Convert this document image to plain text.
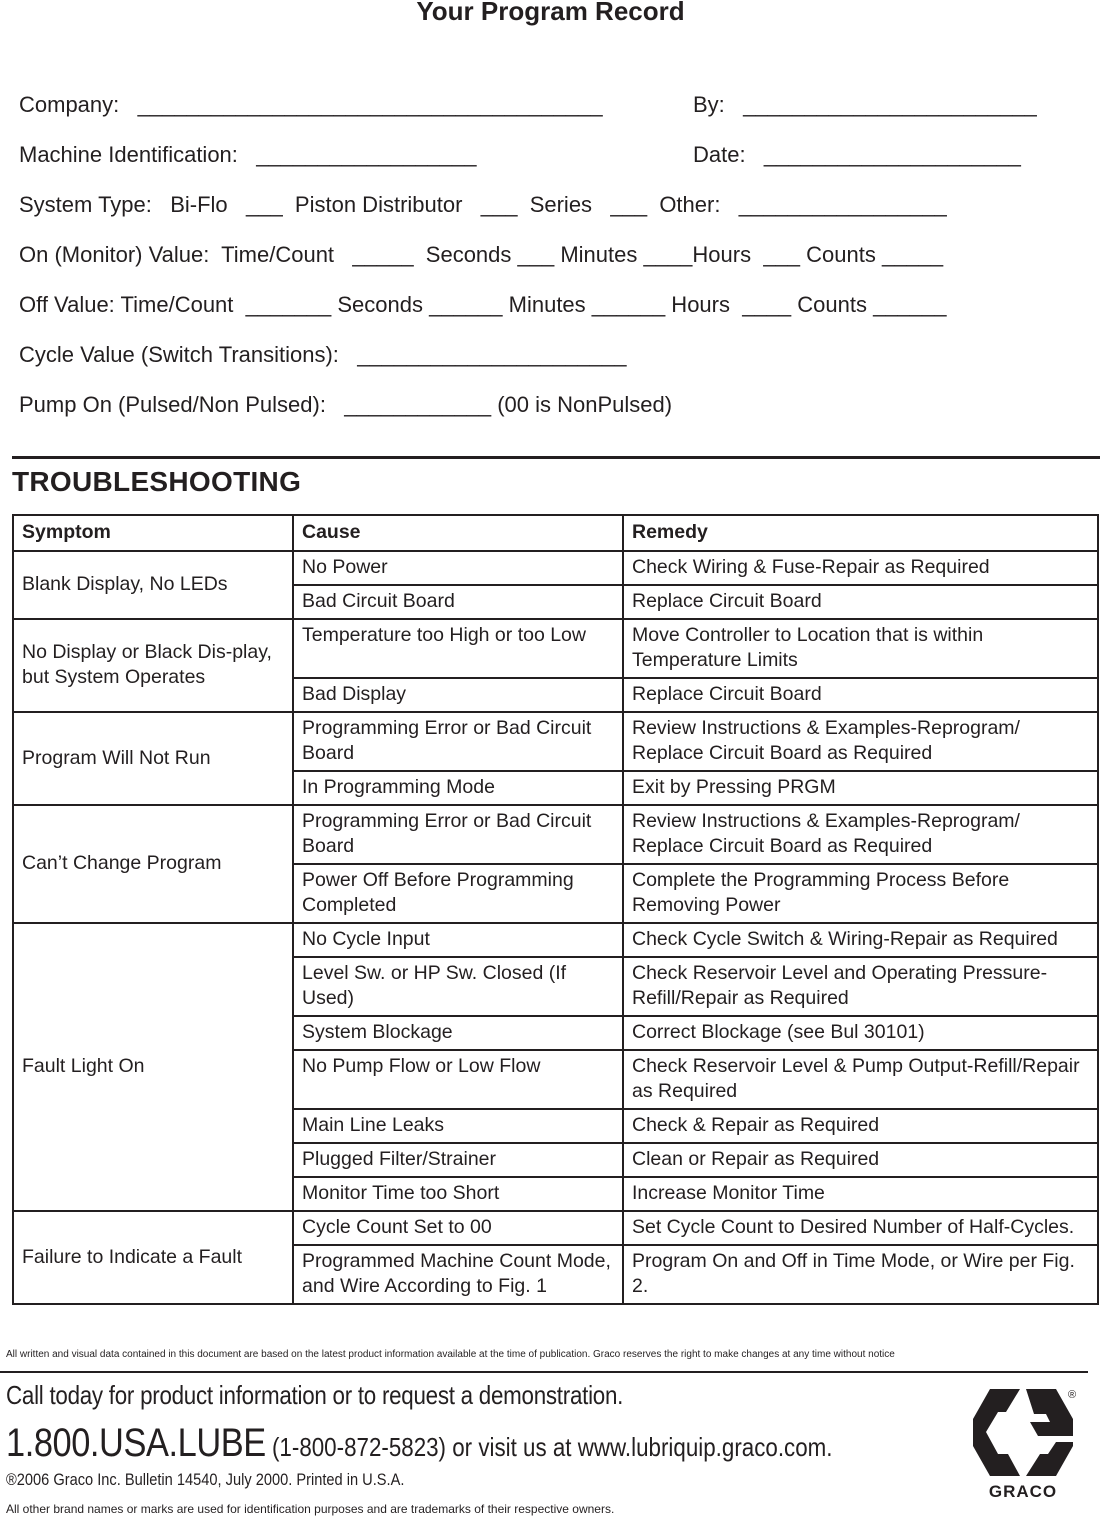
Your Program Record
Company:   ______________________________________	By:   ________________________
Machine Identification:   __________________	Date:   _____________________
System Type:   Bi-Flo   ___  Piston Distributor   ___  Series   ___  Other:   _________________
On (Monitor) Value:  Time/Count   _____  Seconds ___ Minutes ____Hours  ___ Counts _____
Off Value: Time/Count  _______ Seconds ______ Minutes ______ Hours  ____ Counts ______
Cycle Value (Switch Transitions):   ______________________
Pump On (Pulsed/Non Pulsed):   ____________ (00 is NonPulsed)
TROUBLESHOOTING
Symptom	Cause	Remedy
Blank Display, No LEDs	No Power	Check Wiring & Fuse-Repair as Required
	Bad Circuit Board	Replace Circuit Board
No Display or Black Dis-play, but System Operates	Temperature too High or too Low	Move Controller to Location that is within Temperature Limits
	Bad Display	Replace Circuit Board
Program Will Not Run	Programming Error or Bad Circuit Board	Review Instructions & Examples-Reprogram/ Replace Circuit Board as Required
	In Programming Mode	Exit by Pressing PRGM
Can’t Change Program	Programming Error or Bad Circuit Board	Review Instructions & Examples-Reprogram/ Replace Circuit Board as Required
	Power Off Before Programming Completed	Complete the Programming Process Before Removing Power
Fault Light On	No Cycle Input	Check Cycle Switch & Wiring-Repair as Required
	Level Sw. or HP Sw. Closed (If Used)	Check Reservoir Level and Operating Pressure-Refill/Repair as Required
	System Blockage	Correct Blockage (see Bul 30101)
	No Pump Flow or Low Flow	Check Reservoir Level & Pump Output-Refill/Repair as Required
	Main Line Leaks	Check & Repair as Required
	Plugged Filter/Strainer	Clean or Repair as Required
	Monitor Time too Short	Increase Monitor Time
Failure to Indicate a Fault	Cycle Count Set to 00	Set Cycle Count to Desired Number of Half-Cycles.
	Programmed Machine Count Mode, and Wire According to Fig. 1	Program On and Off in Time Mode, or Wire per Fig. 2.
All written and visual data contained in this document are based on the latest product information available at the time of publication. Graco reserves the right to make changes at any time without notice
Call today for product information or to request a demonstration.
1.800.USA.LUBE (1-800-872-5823) or visit us at www.lubriquip.graco.com.
®2006 Graco Inc. Bulletin 14540, July 2000. Printed in U.S.A.
All other brand names or marks are used for identification purposes and are trademarks of their respective owners.
®
GRACO
